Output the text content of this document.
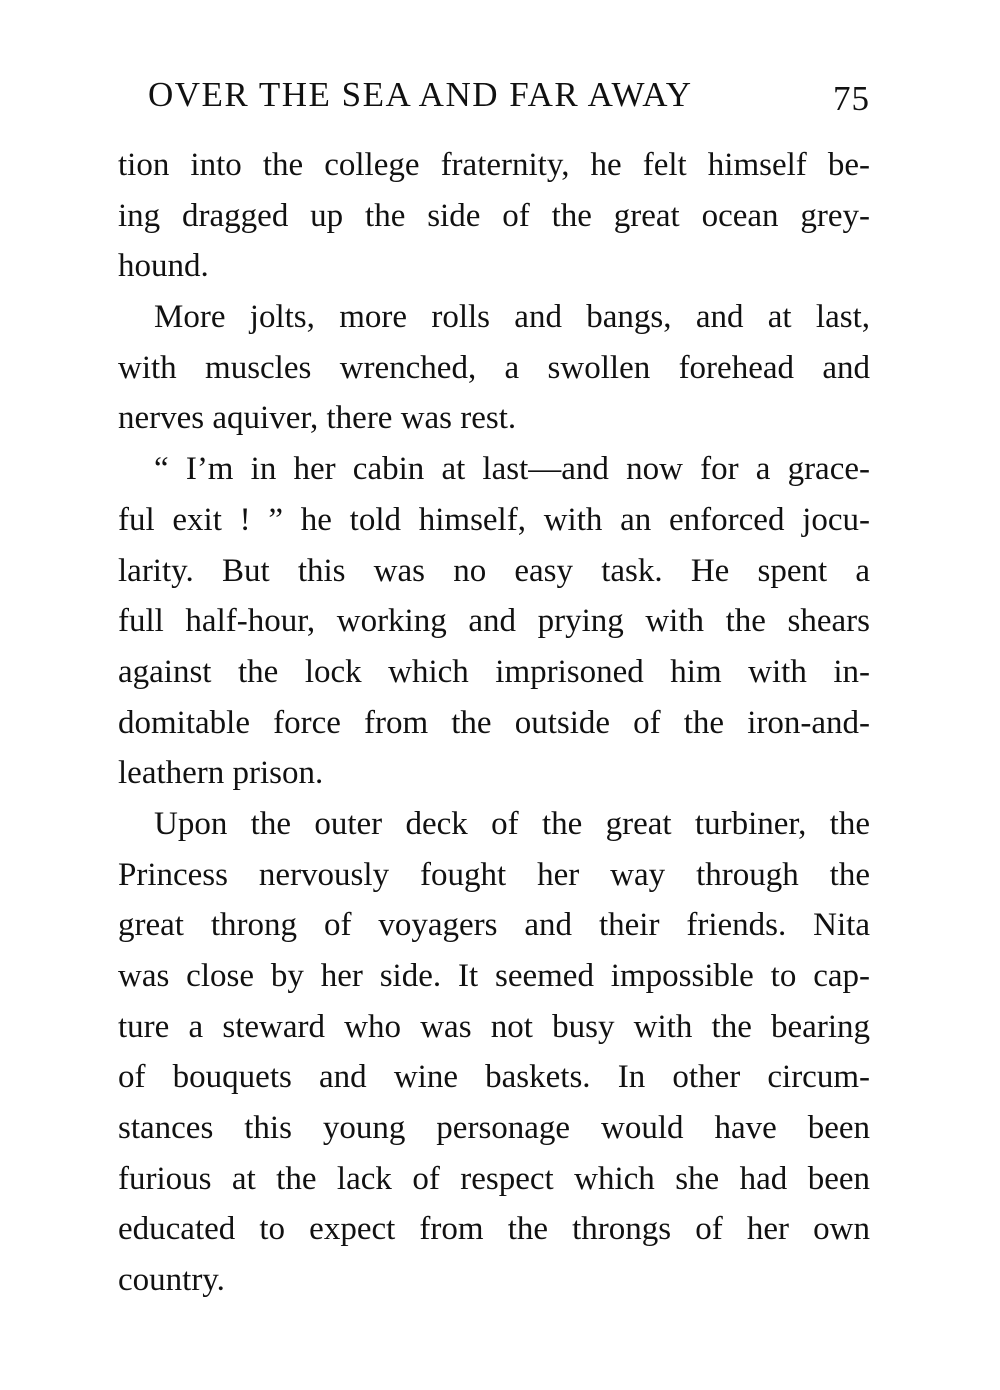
OVER THE SEA AND FAR AWAY	75
tion into the college fraternity, he felt himself be-
ing dragged up the side of the great ocean grey-
hound.
More jolts, more rolls and bangs, and at last,
with muscles wrenched, a swollen forehead and
nerves aquiver, there was rest.
“ I’m in her cabin at last—and now for a grace-
ful exit ! ” he told himself, with an enforced jocu-
larity. But this was no easy task. He spent a
full half-hour, working and prying with the shears
against the lock which imprisoned him with in-
domitable force from the outside of the iron-and-
leathern prison.
Upon the outer deck of the great turbiner, the
Princess nervously fought her way through the
great throng of voyagers and their friends. Nita
was close by her side. It seemed impossible to cap-
ture a steward who was not busy with the bearing
of bouquets and wine baskets. In other circum-
stances this young personage would have been
furious at the lack of respect which she had been
educated to expect from the throngs of her own
country.
